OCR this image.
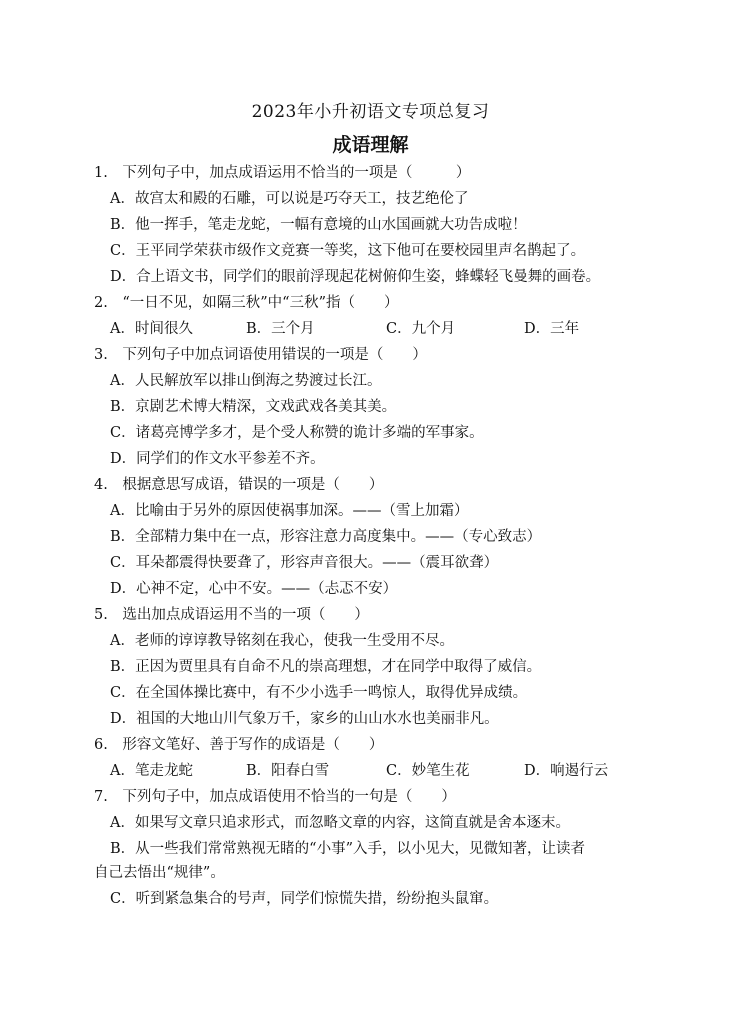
2023年小升初语文专项总复习
成语理解
1.　下列句子中，加点成语运用不恰当的一项是（　　　）
A．故宫太和殿的石雕，可以说是巧夺天工，技艺绝伦了
B．他一挥手，笔走龙蛇，一幅有意境的山水国画就大功告成啦！
C．王平同学荣获市级作文竞赛一等奖，这下他可在要校园里声名鹊起了。
D．合上语文书，同学们的眼前浮现起花树俯仰生姿，蜂蝶轻飞曼舞的画卷。
2.　“一日不见，如隔三秋”中“三秋”指（　　）
A．时间很久	B．三个月	C．九个月	D．三年
3.　下列句子中加点词语使用错误的一项是（　　）
A．人民解放军以排山倒海之势渡过长江。
B．京剧艺术博大精深，文戏武戏各美其美。
C．诸葛亮博学多才，是个受人称赞的诡计多端的军事家。
D．同学们的作文水平参差不齐。
4.　根据意思写成语，错误的一项是（　　）
A．比喻由于另外的原因使祸事加深。——（雪上加霜）
B．全部精力集中在一点，形容注意力高度集中。——（专心致志）
C．耳朵都震得快要聋了，形容声音很大。——（震耳欲聋）
D．心神不定，心中不安。——（忐忑不安）
5.　选出加点成语运用不当的一项（　　）
A．老师的谆谆教导铭刻在我心，使我一生受用不尽。
B．正因为贾里具有自命不凡的崇高理想，才在同学中取得了威信。
C．在全国体操比赛中，有不少小选手一鸣惊人，取得优异成绩。
D．祖国的大地山川气象万千，家乡的山山水水也美丽非凡。
6.　形容文笔好、善于写作的成语是（　　）
A．笔走龙蛇	B．阳春白雪	C．妙笔生花	D．响遏行云
7.　下列句子中，加点成语使用不恰当的一句是（　　）
A．如果写文章只追求形式，而忽略文章的内容，这简直就是舍本逐末。
B．从一些我们常常熟视无睹的“小事”入手，以小见大，见微知著，让读者
自己去悟出“规律”。
C．听到紧急集合的号声，同学们惊慌失措，纷纷抱头鼠窜。
